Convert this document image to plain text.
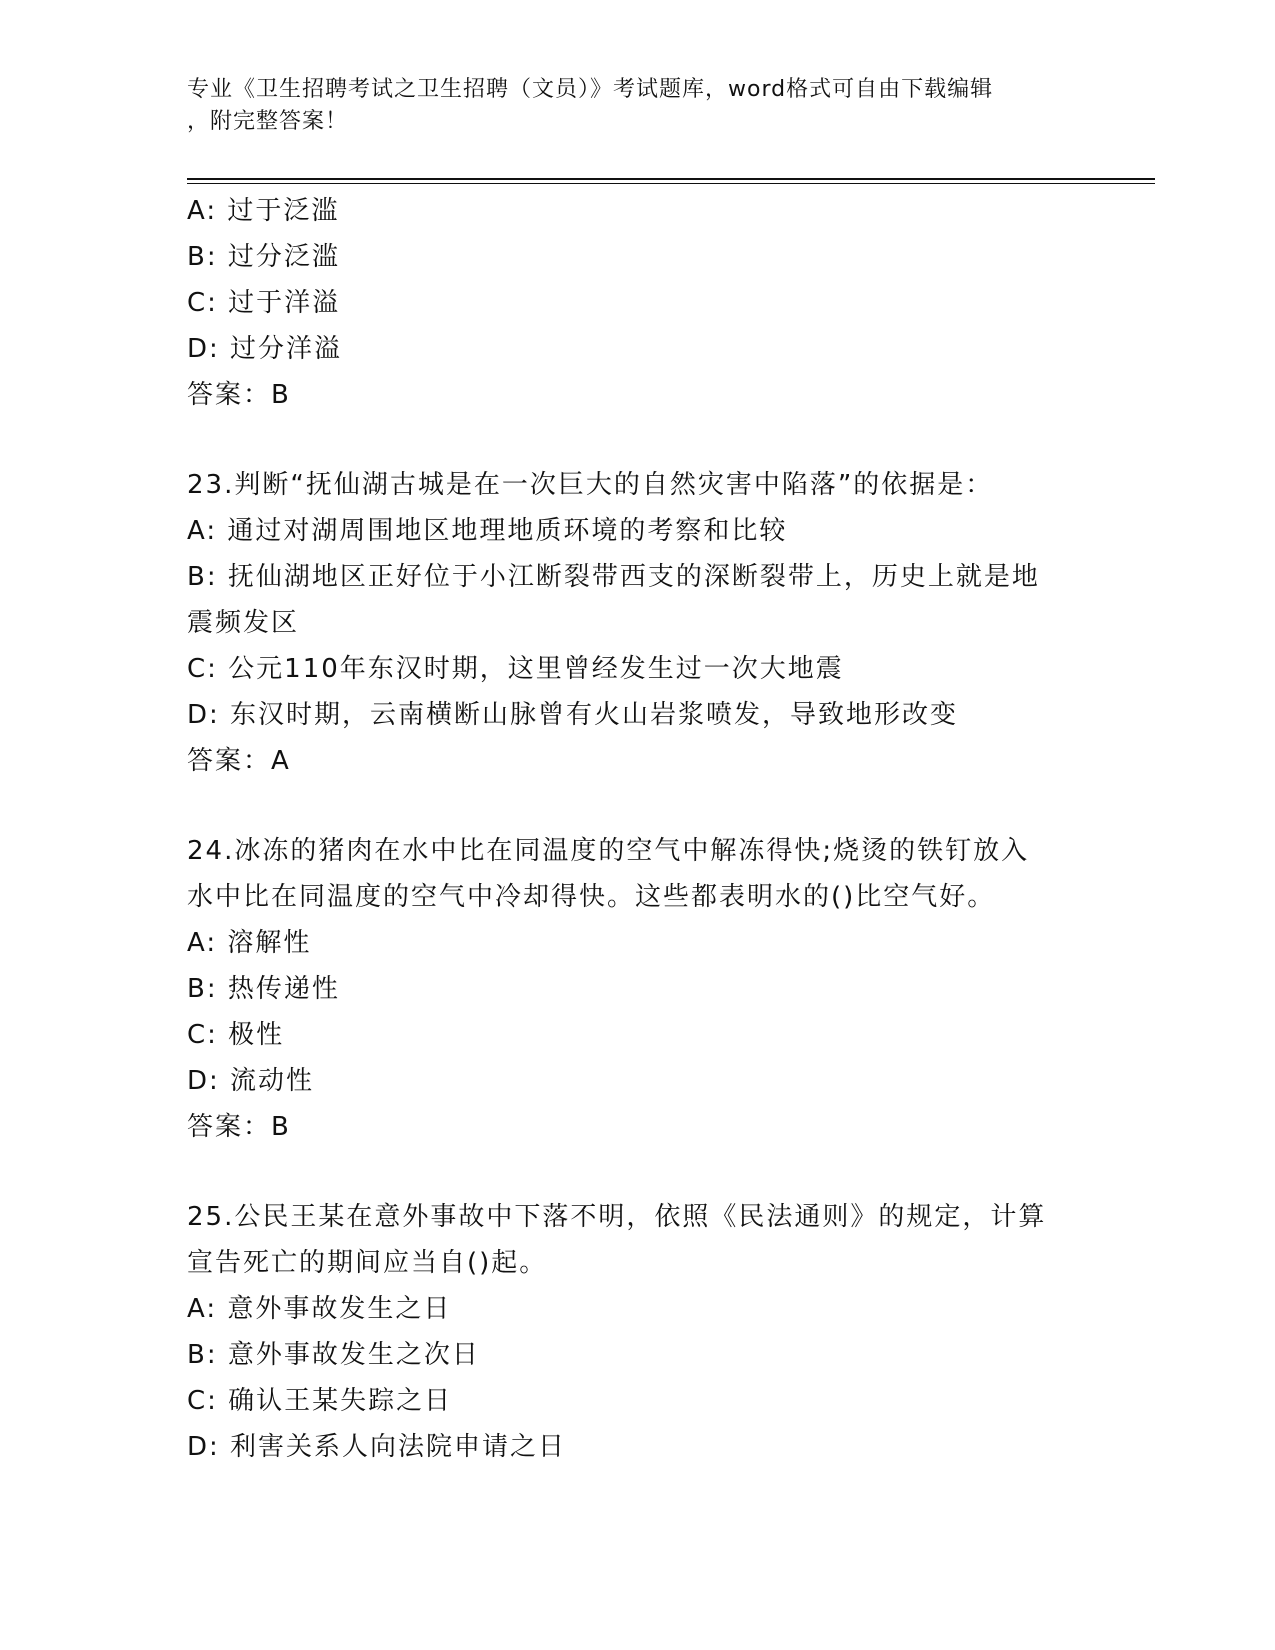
专业《卫生招聘考试之卫生招聘（文员）》考试题库，word格式可自由下载编辑
，附完整答案！
A: 过于泛滥
B: 过分泛滥
C: 过于洋溢
D: 过分洋溢
答案：B
23.判断“抚仙湖古城是在一次巨大的自然灾害中陷落”的依据是：
A: 通过对湖周围地区地理地质环境的考察和比较
B: 抚仙湖地区正好位于小江断裂带西支的深断裂带上，历史上就是地
震频发区
C: 公元110年东汉时期，这里曾经发生过一次大地震
D: 东汉时期，云南横断山脉曾有火山岩浆喷发，导致地形改变
答案：A
24.冰冻的猪肉在水中比在同温度的空气中解冻得快;烧烫的铁钉放入
水中比在同温度的空气中冷却得快。这些都表明水的()比空气好。
A: 溶解性
B: 热传递性
C: 极性
D: 流动性
答案：B
25.公民王某在意外事故中下落不明，依照《民法通则》的规定，计算
宣告死亡的期间应当自()起。
A: 意外事故发生之日
B: 意外事故发生之次日
C: 确认王某失踪之日
D: 利害关系人向法院申请之日
